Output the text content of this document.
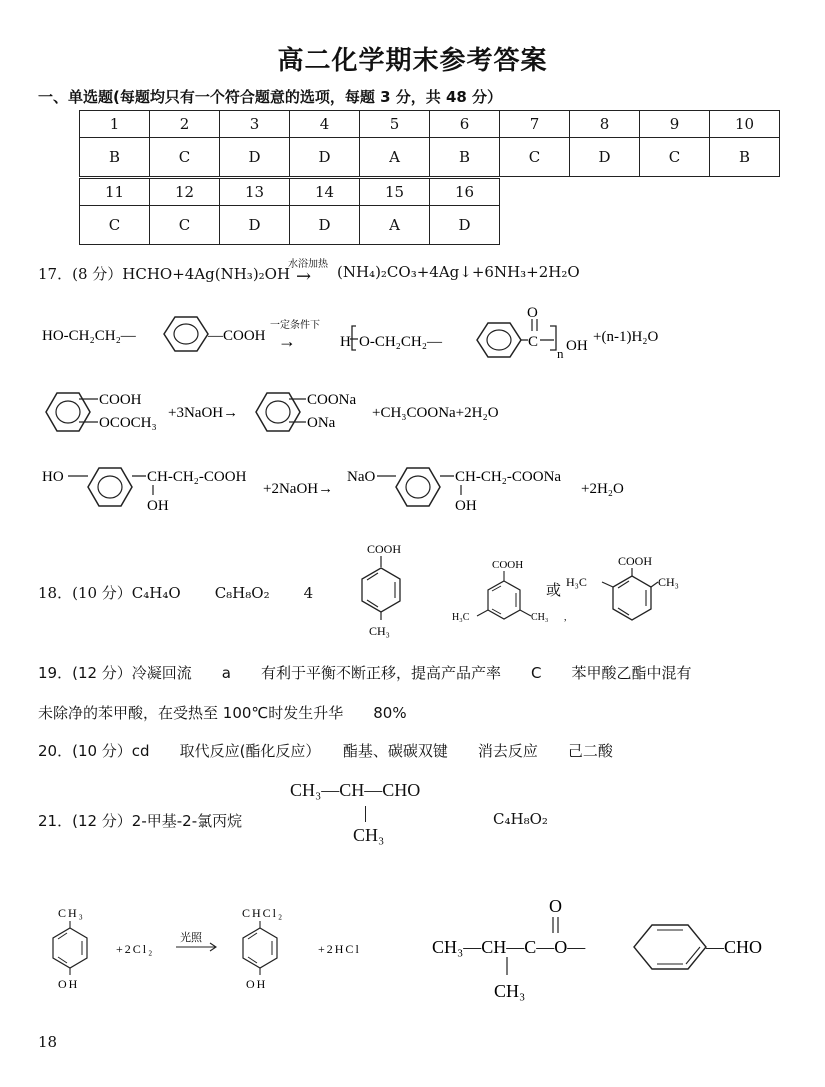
高二化学期末参考答案
一、单选题(每题均只有一个符合题意的选项，每题 3 分，共 48 分）
1	2	3	4	5	6	7	8	9	10
B	C	D	D	A	B	C	D	C	B
11	12	13	14	15	16
C	C	D	D	A	D
17．(8 分）HCHO+4Ag(NH₃)₂OH
水浴加热
→ (NH₄)₂CO₃+4Ag↓+6NH₃+2H₂O
HO-CH₂CH₂—	—COOH
一定条件下
→	H O-CH₂CH₂—	C
O
n OH
+(n-1)H₂O
COOH
OCOCH₃
+3NaOH→
COONa
ONa
+CH₃COONa+2H₂O
HO	CH-CH₂-COOH
OH
+2NaOH→
NaO	CH-CH₂-COONa
OH
+2H₂O
18．(10 分）C₄H₄O C₈H₈O₂ 4
COOH
CH₃
COOH
H₃C	CH₃
或
,
COOH
H₃C	CH₃
19．(12 分）冷凝回流　　a　　有利于平衡不断正移，提高产品产率　　C　　苯甲酸乙酯中混有
未除净的苯甲酸，在受热至 100℃时发生升华　　80%
20．(10 分）cd　　取代反应(酯化反应）　　酯基、碳碳双键　　消去反应　　己二酸
21．(12 分）2-甲基-2-氯丙烷
CH₃—CH—CHO
CH₃
C₄H₈O₂
CH₃
OH
+2Cl₂
光照
CHCl₂
OH
+2HCl	CH₃—CH—C—O—
O
CH₃
—CHO
18
